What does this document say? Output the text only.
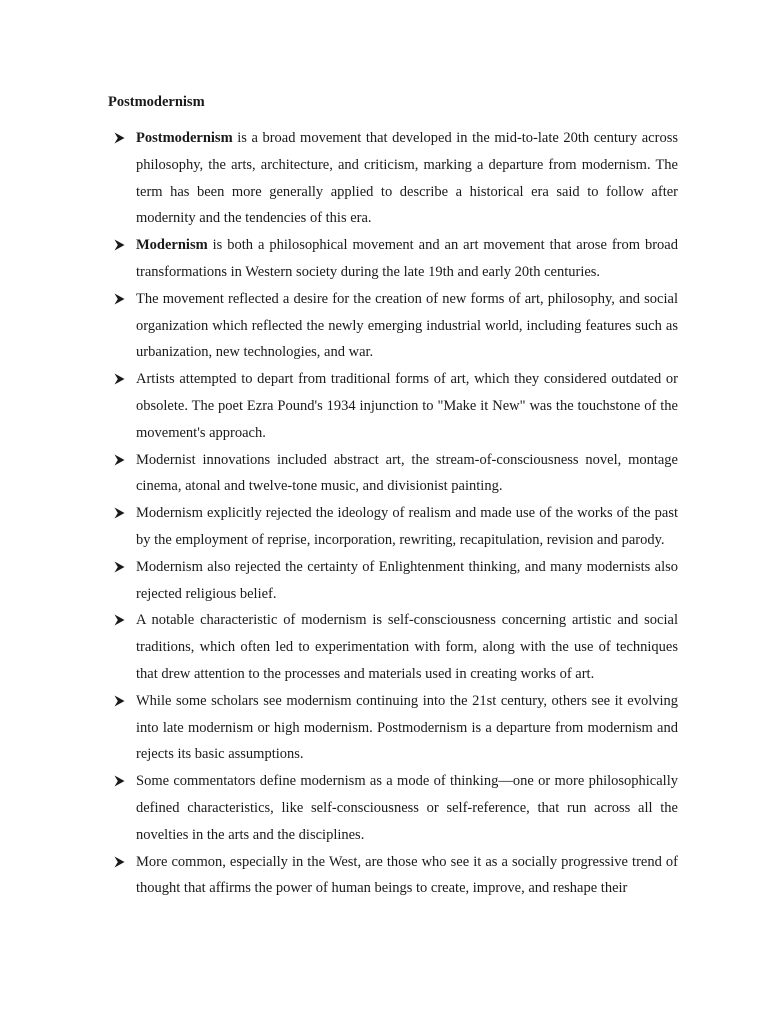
Postmodernism
Postmodernism is a broad movement that developed in the mid-to-late 20th century across philosophy, the arts, architecture, and criticism, marking a departure from modernism. The term has been more generally applied to describe a historical era said to follow after modernity and the tendencies of this era.
Modernism is both a philosophical movement and an art movement that arose from broad transformations in Western society during the late 19th and early 20th centuries.
The movement reflected a desire for the creation of new forms of art, philosophy, and social organization which reflected the newly emerging industrial world, including features such as urbanization, new technologies, and war.
Artists attempted to depart from traditional forms of art, which they considered outdated or obsolete. The poet Ezra Pound's 1934 injunction to "Make it New" was the touchstone of the movement's approach.
Modernist innovations included abstract art, the stream-of-consciousness novel, montage cinema, atonal and twelve-tone music, and divisionist painting.
Modernism explicitly rejected the ideology of realism and made use of the works of the past by the employment of reprise, incorporation, rewriting, recapitulation, revision and parody.
Modernism also rejected the certainty of Enlightenment thinking, and many modernists also rejected religious belief.
A notable characteristic of modernism is self-consciousness concerning artistic and social traditions, which often led to experimentation with form, along with the use of techniques that drew attention to the processes and materials used in creating works of art.
While some scholars see modernism continuing into the 21st century, others see it evolving into late modernism or high modernism. Postmodernism is a departure from modernism and rejects its basic assumptions.
Some commentators define modernism as a mode of thinking—one or more philosophically defined characteristics, like self-consciousness or self-reference, that run across all the novelties in the arts and the disciplines.
More common, especially in the West, are those who see it as a socially progressive trend of thought that affirms the power of human beings to create, improve, and reshape their
